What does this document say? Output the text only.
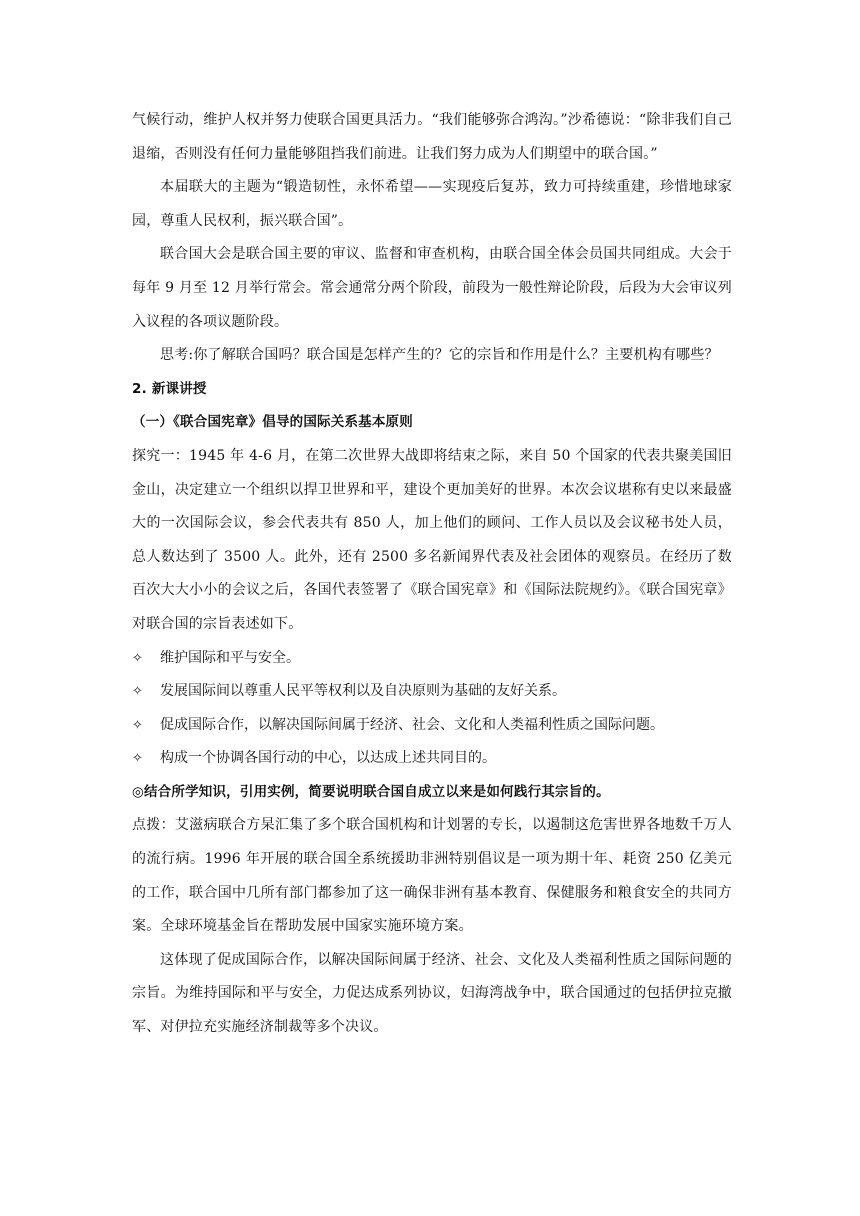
气候行动，维护人权并努力使联合国更具活力。“我们能够弥合鸿沟。”沙希德说：“除非我们自己退缩，否则没有任何力量能够阻挡我们前进。让我们努力成为人们期望中的联合国。”

本届联大的主题为“锻造韧性，永怀希望——实现疫后复苏，致力可持续重建，珍惜地球家园，尊重人民权利，振兴联合国”。

联合国大会是联合国主要的审议、监督和审查机构，由联合国全体会员国共同组成。大会于每年 9 月至 12 月举行常会。常会通常分两个阶段，前段为一般性辩论阶段，后段为大会审议列入议程的各项议题阶段。

思考:你了解联合国吗？联合国是怎样产生的？它的宗旨和作用是什么？主要机构有哪些？

2. 新课讲授

（一）《联合国宪章》倡导的国际关系基本原则

探究一：1945 年 4-6 月，在第二次世界大战即将结束之际，来自 50 个国家的代表共聚美国旧金山，决定建立一个组织以捍卫世界和平，建设个更加美好的世界。本次会议堪称有史以来最盛大的一次国际会议，参会代表共有 850 人，加上他们的顾问、工作人员以及会议秘书处人员，总人数达到了 3500 人。此外，还有 2500 多名新闻界代表及社会团体的观察员。在经历了数百次大大小小的会议之后，各国代表签署了《联合国宪章》和《国际法院规约》。《联合国宪章》对联合国的宗旨表述如下。

✧	维护国际和平与安全。
✧	发展国际间以尊重人民平等权利以及自决原则为基础的友好关系。
✧	促成国际合作，以解决国际间属于经济、社会、文化和人类福利性质之国际问题。
✧	构成一个协调各国行动的中心，以达成上述共同目的。

◎结合所学知识，引用实例，简要说明联合国自成立以来是如何践行其宗旨的。

点拨：艾滋病联合方杲汇集了多个联合国机构和计划署的专长，以遏制这危害世界各地数千万人的流行病。1996 年开展的联合国全系统援助非洲特别倡议是一项为期十年、耗资 250 亿美元的工作，联合国中几所有部门都参加了这一确保非洲有基本教育、保健服务和粮食安全的共同方案。全球环境基金旨在帮助发展中国家实施环境方案。

这体现了促成国际合作，以解决国际间属于经济、社会、文化及人类福利性质之国际问题的宗旨。为维持国际和平与安全，力促达成系列协议，妇海湾战争中，联合国通过的包括伊拉克撤军、对伊拉充实施经济制裁等多个决议。
